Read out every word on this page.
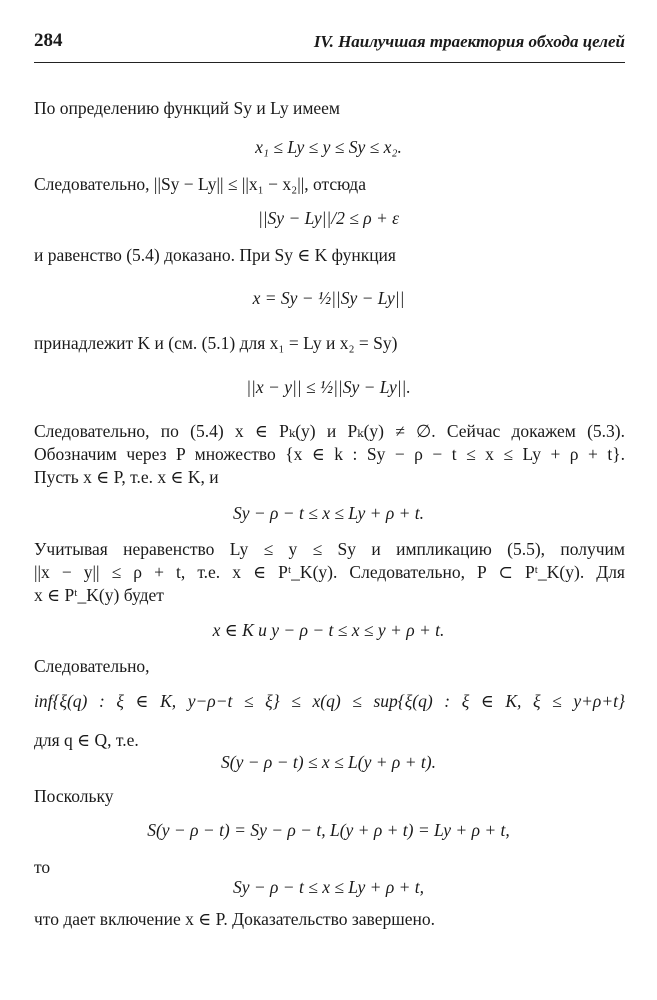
284	IV. Наилучшая траектория обхода целей
По определению функций Sy и Ly имеем
x₁ ≤ Ly ≤ y ≤ Sy ≤ x₂.
Следовательно, ||Sy − Ly|| ≤ ||x₁ − x₂||, отсюда
||Sy − Ly||/2 ≤ ρ + ε
и равенство (5.4) доказано. При Sy ∈ K функция
x = Sy − ½||Sy − Ly||
принадлежит K и (см. (5.1) для x₁ = Ly и x₂ = Sy)
||x − y|| ≤ ½||Sy − Ly||.
Следовательно, по (5.4) x ∈ Pₖ(y) и Pₖ(y) ≠ ∅. Сейчас докажем (5.3).
Обозначим через P множество {x ∈ k : Sy − ρ − t ≤ x ≤ Ly + ρ + t}.
Пусть x ∈ P, т.е. x ∈ K, и
Sy − ρ − t ≤ x ≤ Ly + ρ + t.
Учитывая неравенство Ly ≤ y ≤ Sy и импликацию (5.5), получим
||x − y|| ≤ ρ + t, т.е. x ∈ Pᵗ_K(y). Следовательно, P ⊂ Pᵗ_K(y). Для
x ∈ Pᵗ_K(y) будет
x ∈ K и y − ρ − t ≤ x ≤ y + ρ + t.
Следовательно,
inf{ξ(q) : ξ ∈ K, y−ρ−t ≤ ξ} ≤ x(q) ≤ sup{ξ(q) : ξ ∈ K, ξ ≤ y+ρ+t}
для q ∈ Q, т.е.
S(y − ρ − t) ≤ x ≤ L(y + ρ + t).
Поскольку
S(y − ρ − t) = Sy − ρ − t, L(y + ρ + t) = Ly + ρ + t,
то
Sy − ρ − t ≤ x ≤ Ly + ρ + t,
что дает включение x ∈ P. Доказательство завершено.
